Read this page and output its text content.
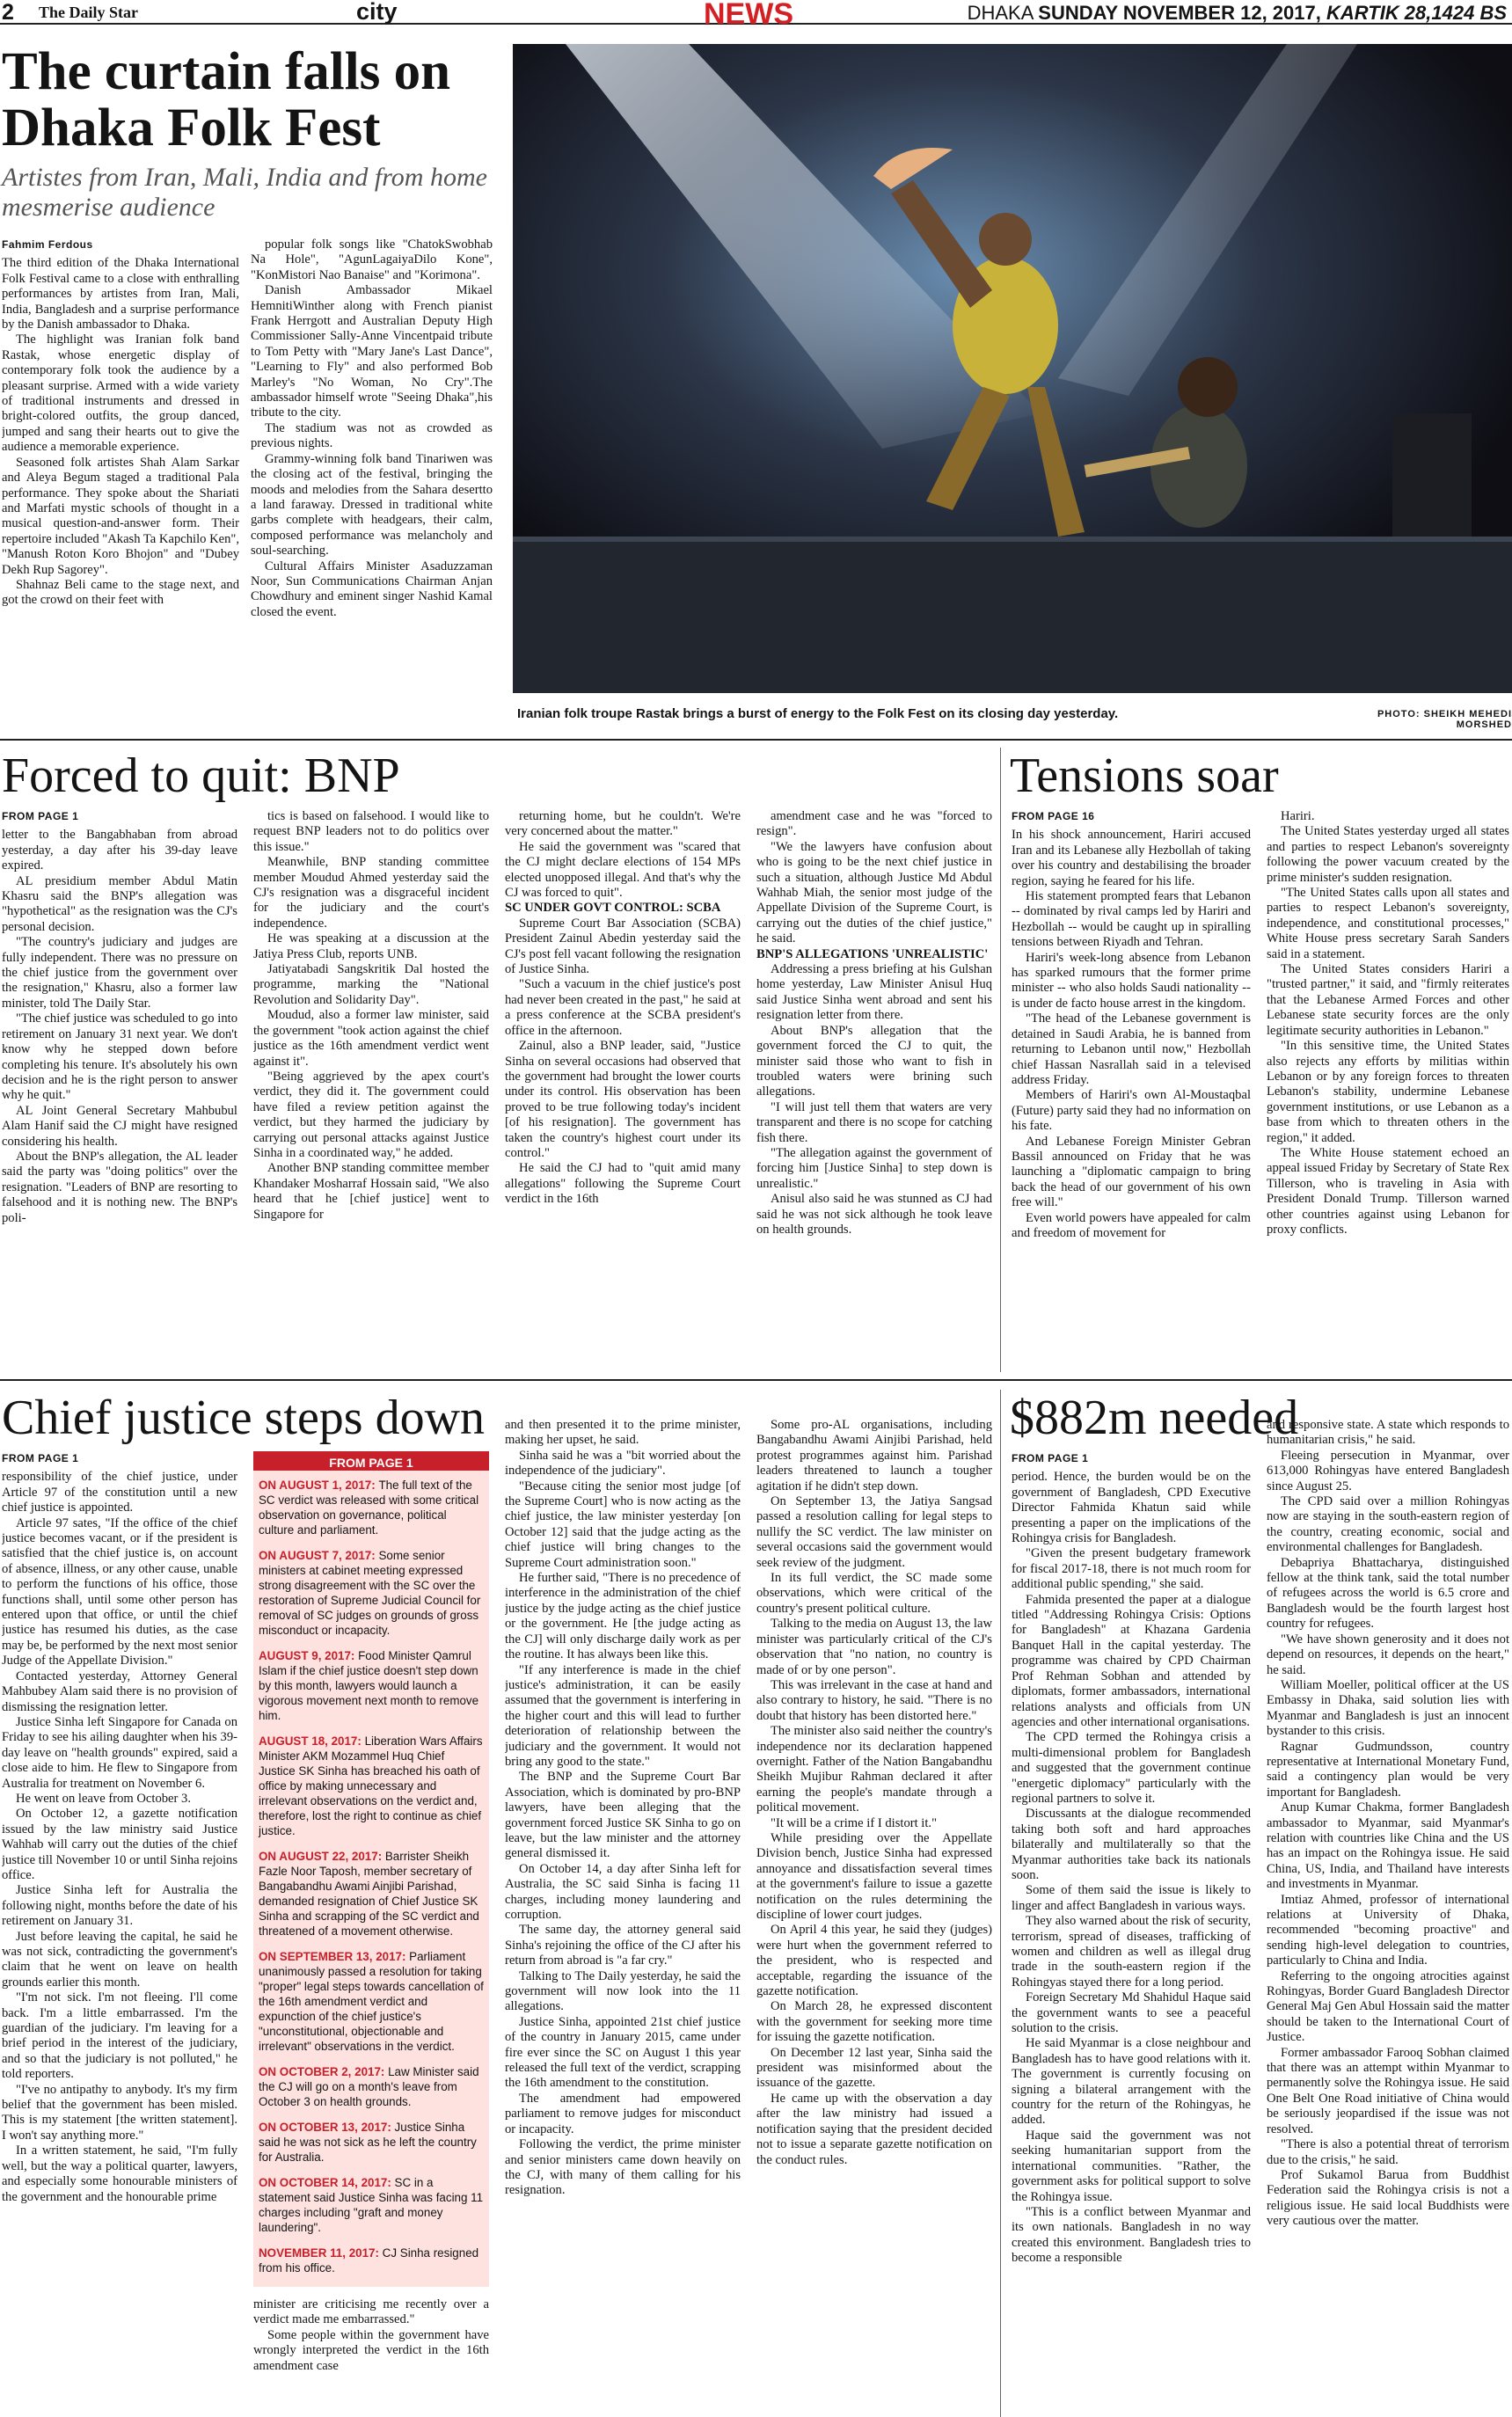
2 The Daily Star	city	NEWS	DHAKA SUNDAY NOVEMBER 12, 2017, KARTIK 28,1424 BS
The curtain falls on Dhaka Folk Fest
Artistes from Iran, Mali, India and from home mesmerise audience
Fahmim Ferdous

The third edition of the Dhaka International Folk Festival came to a close with enthralling performances by artistes from Iran, Mali, India, Bangladesh and a surprise performance by the Danish ambassador to Dhaka.

The highlight was Iranian folk band Rastak, whose energetic display of contemporary folk took the audience by a pleasant surprise. Armed with a wide variety of traditional instruments and dressed in bright-colored outfits, the group danced, jumped and sang their hearts out to give the audience a memorable experience.

Seasoned folk artistes Shah Alam Sarkar and Aleya Begum staged a traditional Pala performance. They spoke about the Shariati and Marfati mystic schools of thought in a musical question-and-answer form. Their repertoire included "Akash Ta Kapchilo Ken", "Manush Roton Koro Bhojon" and "Dubey Dekh Rup Sagorey".

Shahnaz Beli came to the stage next, and got the crowd on their feet with

popular folk songs like "ChatokSwobhab Na Hole", "AgunLagaiyaDilo Kone", "KonMistori Nao Banaise" and "Korimona".

Danish Ambassador Mikael HemnitiWinther along with French pianist Frank Herrgott and Australian Deputy High Commissioner Sally-Anne Vincentpaid tribute to Tom Petty with "Mary Jane's Last Dance", "Learning to Fly" and also performed Bob Marley's "No Woman, No Cry".The ambassador himself wrote "Seeing Dhaka",his tribute to the city.

The stadium was not as crowded as previous nights.

Grammy-winning folk band Tinariwen was the closing act of the festival, bringing the moods and melodies from the Sahara desertto a land faraway. Dressed in traditional white garbs complete with headgears, their calm, composed performance was melancholy and soul-searching.

Cultural Affairs Minister Asaduzzaman Noor, Sun Communications Chairman Anjan Chowdhury and eminent singer Nashid Kamal closed the event.

Iranian folk troupe Rastak brings a burst of energy to the Folk Fest on its closing day yesterday.	PHOTO: SHEIKH MEHEDI MORSHED
Forced to quit: BNP
FROM PAGE 1

letter to the Bangabhaban from abroad yesterday, a day after his 39-day leave expired.

AL presidium member Abdul Matin Khasru said the BNP's allegation was "hypothetical" as the resignation was the CJ's personal decision.

"The country's judiciary and judges are fully independent. There was no pressure on the chief justice from the government over the resignation," Khasru, also a former law minister, told The Daily Star.

"The chief justice was scheduled to go into retirement on January 31 next year. We don't know why he stepped down before completing his tenure. It's absolutely his own decision and he is the right person to answer why he quit."

AL Joint General Secretary Mahbubul Alam Hanif said the CJ might have resigned considering his health.

About the BNP's allegation, the AL leader said the party was "doing politics" over the resignation. "Leaders of BNP are resorting to falsehood and it is nothing new. The BNP's poli-

tics is based on falsehood. I would like to request BNP leaders not to do politics over this issue."

Meanwhile, BNP standing committee member Moudud Ahmed yesterday said the CJ's resignation was a disgraceful incident for the judiciary and the court's independence.

He was speaking at a discussion at the Jatiya Press Club, reports UNB.

Jatiyatabadi Sangskritik Dal hosted the programme, marking the "National Revolution and Solidarity Day".

Moudud, also a former law minister, said the government "took action against the chief justice as the 16th amendment verdict went against it".

"Being aggrieved by the apex court's verdict, they did it. The government could have filed a review petition against the verdict, but they harmed the judiciary by carrying out personal attacks against Justice Sinha in a coordinated way," he added.

Another BNP standing committee member Khandaker Mosharraf Hossain said, "We also heard that he [chief justice] went to Singapore for

returning home, but he couldn't. We're very concerned about the matter."

He said the government was "scared that the CJ might declare elections of 154 MPs elected unopposed illegal. And that's why the CJ was forced to quit".

SC UNDER GOVT CONTROL: SCBA

Supreme Court Bar Association (SCBA) President Zainul Abedin yesterday said the CJ's post fell vacant following the resignation of Justice Sinha.

"Such a vacuum in the chief justice's post had never been created in the past," he said at a press conference at the SCBA president's office in the afternoon.

Zainul, also a BNP leader, said, "Justice Sinha on several occasions had observed that the government had brought the lower courts under its control. His observation has been proved to be true following today's incident [of his resignation]. The government has taken the country's highest court under its control."

He said the CJ had to "quit amid many allegations" following the Supreme Court verdict in the 16th

amendment case and he was "forced to resign".

"We the lawyers have confusion about who is going to be the next chief justice in such a situation, although Justice Md Abdul Wahhab Miah, the senior most judge of the Appellate Division of the Supreme Court, is carrying out the duties of the chief justice," he said.

BNP'S ALLEGATIONS 'UNREALISTIC'

Addressing a press briefing at his Gulshan home yesterday, Law Minister Anisul Huq said Justice Sinha went abroad and sent his resignation letter from there.

About BNP's allegation that the government forced the CJ to quit, the minister said those who want to fish in troubled waters were brining such allegations.

"I will just tell them that waters are very transparent and there is no scope for catching fish there.

"The allegation against the government of forcing him [Justice Sinha] to step down is unrealistic."

Anisul also said he was stunned as CJ had said he was not sick although he took leave on health grounds.

Tensions soar
FROM PAGE 16

In his shock announcement, Hariri accused Iran and its Lebanese ally Hezbollah of taking over his country and destabilising the broader region, saying he feared for his life.

His statement prompted fears that Lebanon -- dominated by rival camps led by Hariri and Hezbollah -- would be caught up in spiralling tensions between Riyadh and Tehran.

Hariri's week-long absence from Lebanon has sparked rumours that the former prime minister -- who also holds Saudi nationality -- is under de facto house arrest in the kingdom.

"The head of the Lebanese government is detained in Saudi Arabia, he is banned from returning to Lebanon until now," Hezbollah chief Hassan Nasrallah said in a televised address Friday.

Members of Hariri's own Al-Moustaqbal (Future) party said they had no information on his fate.

And Lebanese Foreign Minister Gebran Bassil announced on Friday that he was launching a "diplomatic campaign to bring back the head of our government of his own free will."

Even world powers have appealed for calm and freedom of movement for

Hariri.

The United States yesterday urged all states and parties to respect Lebanon's sovereignty following the power vacuum created by the prime minister's sudden resignation.

"The United States calls upon all states and parties to respect Lebanon's sovereignty, independence, and constitutional processes," White House press secretary Sarah Sanders said in a statement.

The United States considers Hariri a "trusted partner," it said, and "firmly reiterates that the Lebanese Armed Forces and other Lebanese state security forces are the only legitimate security authorities in Lebanon."

"In this sensitive time, the United States also rejects any efforts by militias within Lebanon or by any foreign forces to threaten Lebanon's stability, undermine Lebanese government institutions, or use Lebanon as a base from which to threaten others in the region," it added.

The White House statement echoed an appeal issued Friday by Secretary of State Rex Tillerson, who is traveling in Asia with President Donald Trump. Tillerson warned other countries against using Lebanon for proxy conflicts.

Chief justice steps down
FROM PAGE 1

responsibility of the chief justice, under Article 97 of the constitution until a new chief justice is appointed.

Article 97 sates, "If the office of the chief justice becomes vacant, or if the president is satisfied that the chief justice is, on account of absence, illness, or any other cause, unable to perform the functions of his office, those functions shall, until some other person has entered upon that office, or until the chief justice has resumed his duties, as the case may be, be performed by the next most senior Judge of the Appellate Division."

Contacted yesterday, Attorney General Mahbubey Alam said there is no provision of dismissing the resignation letter.

Justice Sinha left Singapore for Canada on Friday to see his ailing daughter when his 39-day leave on "health grounds" expired, said a close aide to him. He flew to Singapore from Australia for treatment on November 6.

He went on leave from October 3.

On October 12, a gazette notification issued by the law ministry said Justice Wahhab will carry out the duties of the chief justice till November 10 or until Sinha rejoins office.

Justice Sinha left for Australia the following night, months before the date of his retirement on January 31.

Just before leaving the capital, he said he was not sick, contradicting the government's claim that he went on leave on health grounds earlier this month.

"I'm not sick. I'm not fleeing. I'll come back. I'm a little embarrassed. I'm the guardian of the judiciary. I'm leaving for a brief period in the interest of the judiciary, and so that the judiciary is not polluted," he told reporters.

"I've no antipathy to anybody. It's my firm belief that the government has been misled. This is my statement [the written statement]. I won't say anything more."

In a written statement, he said, "I'm fully well, but the way a political quarter, lawyers, and especially some honourable ministers of the government and the honourable prime

FROM PAGE 1
ON AUGUST 1, 2017: The full text of the SC verdict was released with some critical observation on governance, political culture and parliament.
ON AUGUST 7, 2017: Some senior ministers at cabinet meeting expressed strong disagreement with the SC over the restoration of Supreme Judicial Council for removal of SC judges on grounds of gross misconduct or incapacity.
AUGUST 9, 2017: Food Minister Qamrul Islam if the chief justice doesn't step down by this month, lawyers would launch a vigorous movement next month to remove him.
AUGUST 18, 2017: Liberation Wars Affairs Minister AKM Mozammel Huq Chief Justice SK Sinha has breached his oath of office by making unnecessary and irrelevant observations on the verdict and, therefore, lost the right to continue as chief justice.
ON AUGUST 22, 2017: Barrister Sheikh Fazle Noor Taposh, member secretary of Bangabandhu Awami Ainjibi Parishad, demanded resignation of Chief Justice SK Sinha and scrapping of the SC verdict and threatened of a movement otherwise.
ON SEPTEMBER 13, 2017: Parliament unanimously passed a resolution for taking "proper" legal steps towards cancellation of the 16th amendment verdict and expunction of the chief justice's "unconstitutional, objectionable and irrelevant" observations in the verdict.
ON OCTOBER 2, 2017: Law Minister said the CJ will go on a month's leave from October 3 on health grounds.
ON OCTOBER 13, 2017: Justice Sinha said he was not sick as he left the country for Australia.
ON OCTOBER 14, 2017: SC in a statement said Justice Sinha was facing 11 charges including "graft and money laundering".
NOVEMBER 11, 2017: CJ Sinha resigned from his office.

minister are criticising me recently over a verdict made me embarrassed."

Some people within the government have wrongly interpreted the verdict in the 16th amendment case

and then presented it to the prime minister, making her upset, he said.

Sinha said he was a "bit worried about the independence of the judiciary".

"Because citing the senior most judge [of the Supreme Court] who is now acting as the chief justice, the law minister yesterday [on October 12] said that the judge acting as the chief justice will bring changes to the Supreme Court administration soon."

He further said, "There is no precedence of interference in the administration of the chief justice by the judge acting as the chief justice or the government. He [the judge acting as the CJ] will only discharge daily work as per the routine. It has always been like this.

"If any interference is made in the chief justice's administration, it can be easily assumed that the government is interfering in the higher court and this will lead to further deterioration of relationship between the judiciary and the government. It would not bring any good to the state."

The BNP and the Supreme Court Bar Association, which is dominated by pro-BNP lawyers, have been alleging that the government forced Justice SK Sinha to go on leave, but the law minister and the attorney general dismissed it.

On October 14, a day after Sinha left for Australia, the SC said Sinha is facing 11 charges, including money laundering and corruption.

The same day, the attorney general said Sinha's rejoining the office of the CJ after his return from abroad is "a far cry."

Talking to The Daily yesterday, he said the government will now look into the 11 allegations.

Justice Sinha, appointed 21st chief justice of the country in January 2015, came under fire ever since the SC on August 1 this year released the full text of the verdict, scrapping the 16th amendment to the constitution.

The amendment had empowered parliament to remove judges for misconduct or incapacity.

Following the verdict, the prime minister and senior ministers came down heavily on the CJ, with many of them calling for his resignation.

Some pro-AL organisations, including Bangabandhu Awami Ainjibi Parishad, held protest programmes against him. Parishad leaders threatened to launch a tougher agitation if he didn't step down.

On September 13, the Jatiya Sangsad passed a resolution calling for legal steps to nullify the SC verdict. The law minister on several occasions said the government would seek review of the judgment.

In its full verdict, the SC made some observations, which were critical of the country's present political culture.

Talking to the media on August 13, the law minister was particularly critical of the CJ's observation that "no nation, no country is made of or by one person".

This was irrelevant in the case at hand and also contrary to history, he said. "There is no doubt that history has been distorted here."

The minister also said neither the country's independence nor its declaration happened overnight. Father of the Nation Bangabandhu Sheikh Mujibur Rahman declared it after earning the people's mandate through a political movement.

"It will be a crime if I distort it."

While presiding over the Appellate Division bench, Justice Sinha had expressed annoyance and dissatisfaction several times at the government's failure to issue a gazette notification on the rules determining the discipline of lower court judges.

On April 4 this year, he said they (judges) were hurt when the government referred to the president, who is respected and acceptable, regarding the issuance of the gazette notification.

On March 28, he expressed discontent with the government for seeking more time for issuing the gazette notification.

On December 12 last year, Sinha said the president was misinformed about the issuance of the gazette.

He came up with the observation a day after the law ministry had issued a notification saying that the president decided not to issue a separate gazette notification on the conduct rules.

$882m needed
FROM PAGE 1

period. Hence, the burden would be on the government of Bangladesh, CPD Executive Director Fahmida Khatun said while presenting a paper on the implications of the Rohingya crisis for Bangladesh.

"Given the present budgetary framework for fiscal 2017-18, there is not much room for additional public spending," she said.

Fahmida presented the paper at a dialogue titled "Addressing Rohingya Crisis: Options for Bangladesh" at Khazana Gardenia Banquet Hall in the capital yesterday. The programme was chaired by CPD Chairman Prof Rehman Sobhan and attended by diplomats, former ambassadors, international relations analysts and officials from UN agencies and other international organisations.

The CPD termed the Rohingya crisis a multi-dimensional problem for Bangladesh and suggested that the government continue "energetic diplomacy" particularly with the regional partners to solve it.

Discussants at the dialogue recommended taking both soft and hard approaches bilaterally and multilaterally so that the Myanmar authorities take back its nationals soon.

Some of them said the issue is likely to linger and affect Bangladesh in various ways.

They also warned about the risk of security, terrorism, spread of diseases, trafficking of women and children as well as illegal drug trade in the south-eastern region if the Rohingyas stayed there for a long period.

Foreign Secretary Md Shahidul Haque said the government wants to see a peaceful solution to the crisis.

He said Myanmar is a close neighbour and Bangladesh has to have good relations with it. The government is currently focusing on signing a bilateral arrangement with the country for the return of the Rohingyas, he added.

Haque said the government was not seeking humanitarian support from the international communities. "Rather, the government asks for political support to solve the Rohingya issue.

"This is a conflict between Myanmar and its own nationals. Bangladesh in no way created this environment. Bangladesh tries to become a responsible

and responsive state. A state which responds to humanitarian crisis," he said.

Fleeing persecution in Myanmar, over 613,000 Rohingyas have entered Bangladesh since August 25.

The CPD said over a million Rohingyas now are staying in the south-eastern region of the country, creating economic, social and environmental challenges for Bangladesh.

Debapriya Bhattacharya, distinguished fellow at the think tank, said the total number of refugees across the world is 6.5 crore and Bangladesh would be the fourth largest host country for refugees.

"We have shown generosity and it does not depend on resources, it depends on the heart," he said.

William Moeller, political officer at the US Embassy in Dhaka, said solution lies with Myanmar and Bangladesh is just an innocent bystander to this crisis.

Ragnar Gudmundsson, country representative at International Monetary Fund, said a contingency plan would be very important for Bangladesh.

Anup Kumar Chakma, former Bangladesh ambassador to Myanmar, said Myanmar's relation with countries like China and the US has an impact on the Rohingya issue. He said China, US, India, and Thailand have interests and investments in Myanmar.

Imtiaz Ahmed, professor of international relations at University of Dhaka, recommended "becoming proactive" and sending high-level delegation to countries, particularly to China and India.

Referring to the ongoing atrocities against Rohingyas, Border Guard Bangladesh Director General Maj Gen Abul Hossain said the matter should be taken to the International Court of Justice.

Former ambassador Farooq Sobhan claimed that there was an attempt within Myanmar to permanently solve the Rohingya issue. He said One Belt One Road initiative of China would be seriously jeopardised if the issue was not resolved.

"There is also a potential threat of terrorism due to the crisis," he said.

Prof Sukamol Barua from Buddhist Federation said the Rohingya crisis is not a religious issue. He said local Buddhists were very cautious over the matter.
